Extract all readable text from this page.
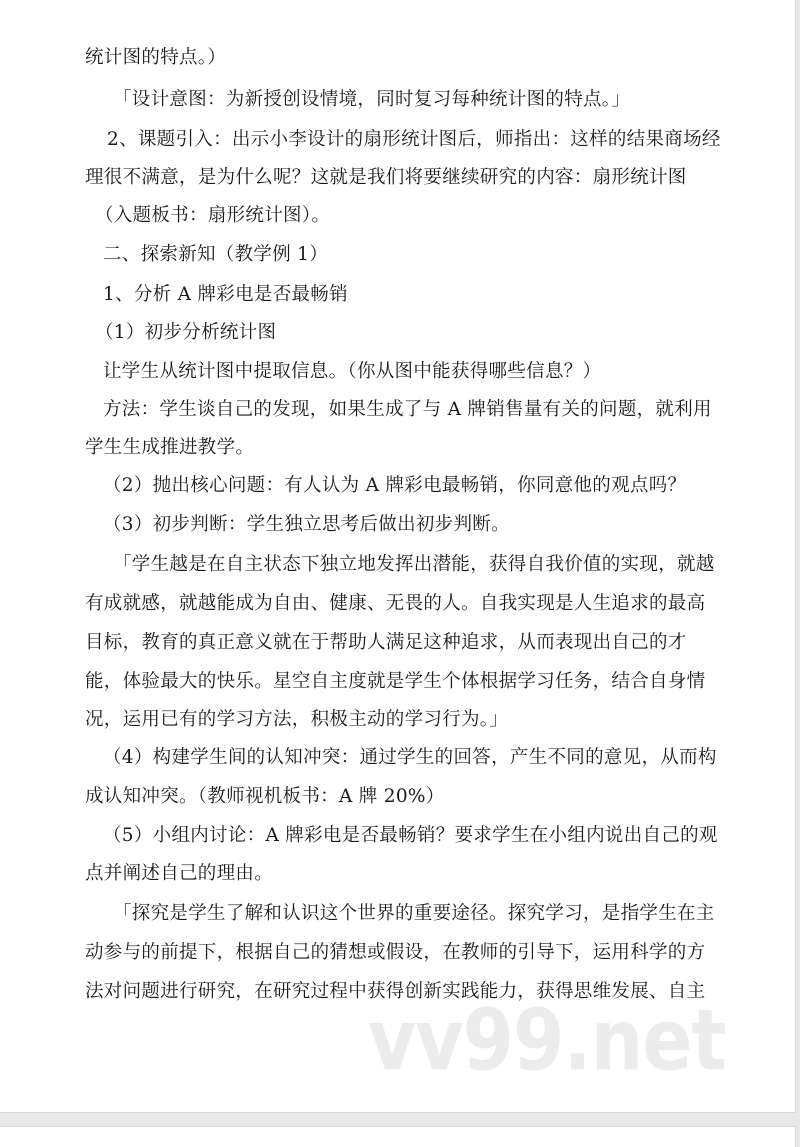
统计图的特点。）
「设计意图：为新授创设情境，同时复习每种统计图的特点。」
2、课题引入：出示小李设计的扇形统计图后，师指出：这样的结果商场经
理很不满意，是为什么呢？这就是我们将要继续研究的内容：扇形统计图
（入题板书：扇形统计图）。
二、探索新知（教学例 1）
1、分析 A 牌彩电是否最畅销
（1）初步分析统计图
让学生从统计图中提取信息。（你从图中能获得哪些信息？）
方法：学生谈自己的发现，如果生成了与 A 牌销售量有关的问题，就利用
学生生成推进教学。
（2）抛出核心问题：有人认为 A 牌彩电最畅销，你同意他的观点吗？
（3）初步判断：学生独立思考后做出初步判断。
「学生越是在自主状态下独立地发挥出潜能，获得自我价值的实现，就越
有成就感，就越能成为自由、健康、无畏的人。自我实现是人生追求的最高
目标，教育的真正意义就在于帮助人满足这种追求，从而表现出自己的才
能，体验最大的快乐。星空自主度就是学生个体根据学习任务，结合自身情
况，运用已有的学习方法，积极主动的学习行为。」
（4）构建学生间的认知冲突：通过学生的回答，产生不同的意见，从而构
成认知冲突。（教师视机板书：A 牌 20%）
（5）小组内讨论：A 牌彩电是否最畅销？要求学生在小组内说出自己的观
点并阐述自己的理由。
「探究是学生了解和认识这个世界的重要途径。探究学习，是指学生在主
动参与的前提下，根据自己的猜想或假设，在教师的引导下，运用科学的方
法对问题进行研究，在研究过程中获得创新实践能力，获得思维发展、自主
vv99.net
